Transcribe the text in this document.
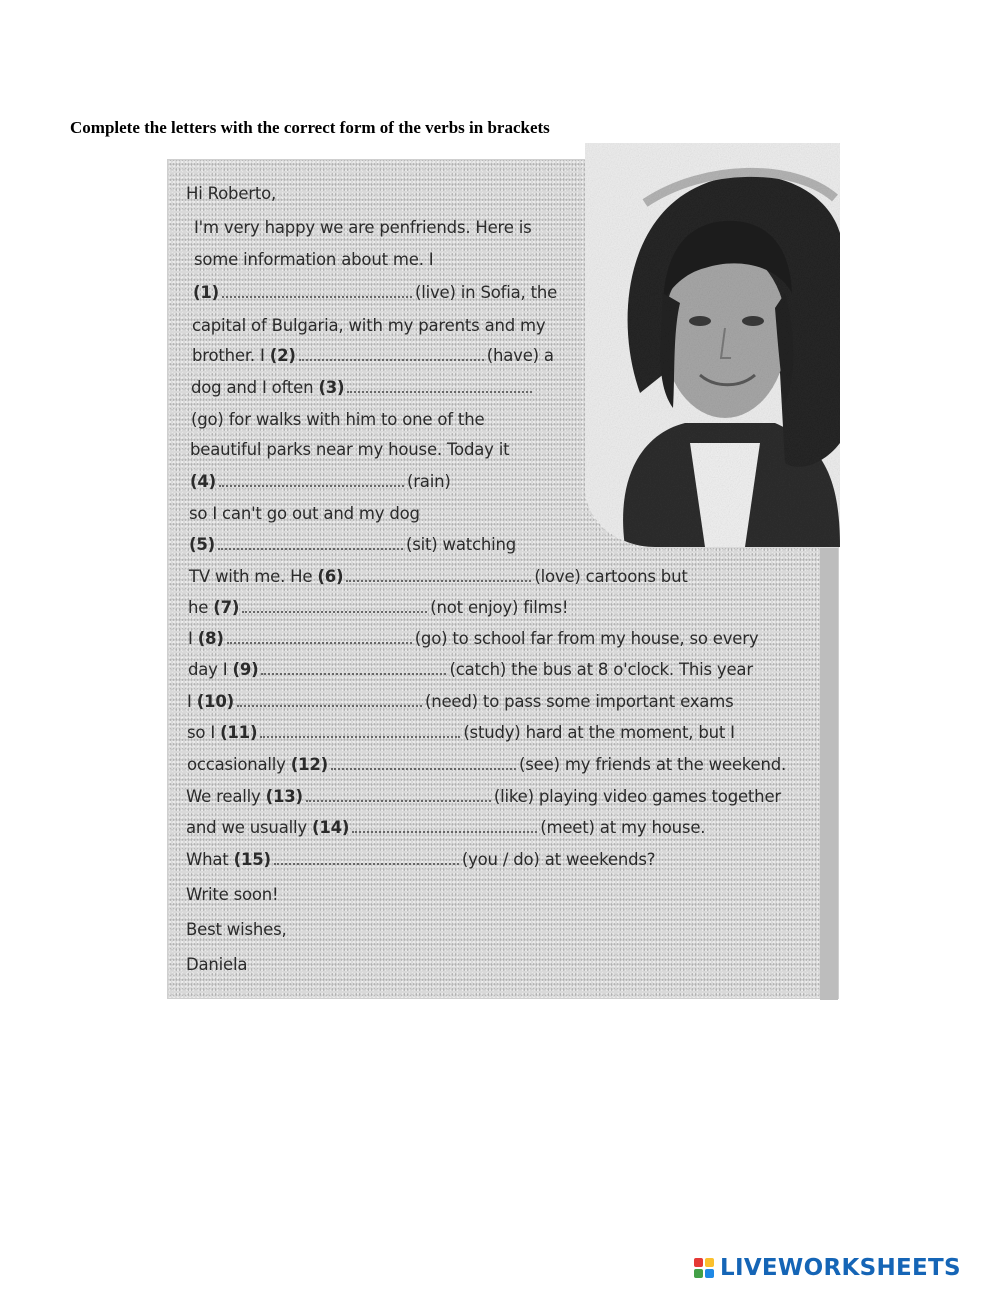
Complete the letters with the correct form of the verbs in brackets
Hi Roberto,
I'm very happy we are penfriends. Here is
some information about me. I
(1)	(live) in Sofia, the
capital of Bulgaria, with my parents and my
brother. I (2)	(have) a
dog and I often (3)
(go) for walks with him to one of the
beautiful parks near my house. Today it
(4)	(rain)
so I can't go out and my dog
(5)	(sit) watching
TV with me. He (6)	(love) cartoons but
he (7)	(not enjoy) films!
I (8)	(go) to school far from my house, so every
day I (9)	(catch) the bus at 8 o'clock. This year
I (10)	(need) to pass some important exams
so I (11)	(study) hard at the moment, but I
occasionally (12)	(see) my friends at the weekend.
We really (13)	(like) playing video games together
and we usually (14)	(meet) at my house.
What (15)	(you / do) at weekends?
Write soon!
Best wishes,
Daniela
LIVEWORKSHEETS
